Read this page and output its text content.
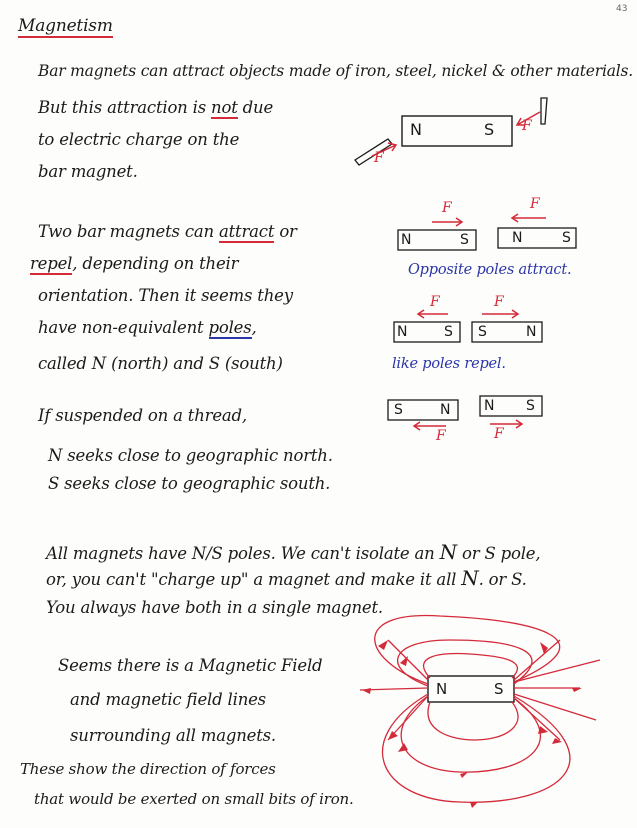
43
Magnetism
Bar magnets can attract objects made of iron, steel, nickel & other materials.
But this attraction is not due
to electric charge on the
bar magnet.
Two bar magnets can attract or
repel, depending on their
orientation. Then it seems they
have non-equivalent poles,
called N (north) and S (south)
If suspended on a thread,
N seeks close to geographic north.
S seeks close to geographic south.
All magnets have N/S poles. We can't isolate an N or S pole,
or, you can't "charge up" a magnet and make it all N. or S.
You always have both in a single magnet.
Seems there is a Magnetic Field
and magnetic field lines
surrounding all magnets.
These show the direction of forces
that would be exerted on small bits of iron.
N	S
F
F
F	F
N	S	N	S
Opposite poles attract.
F	F
N	S S	N
like poles repel.
S	N N S
F	F
N	S
